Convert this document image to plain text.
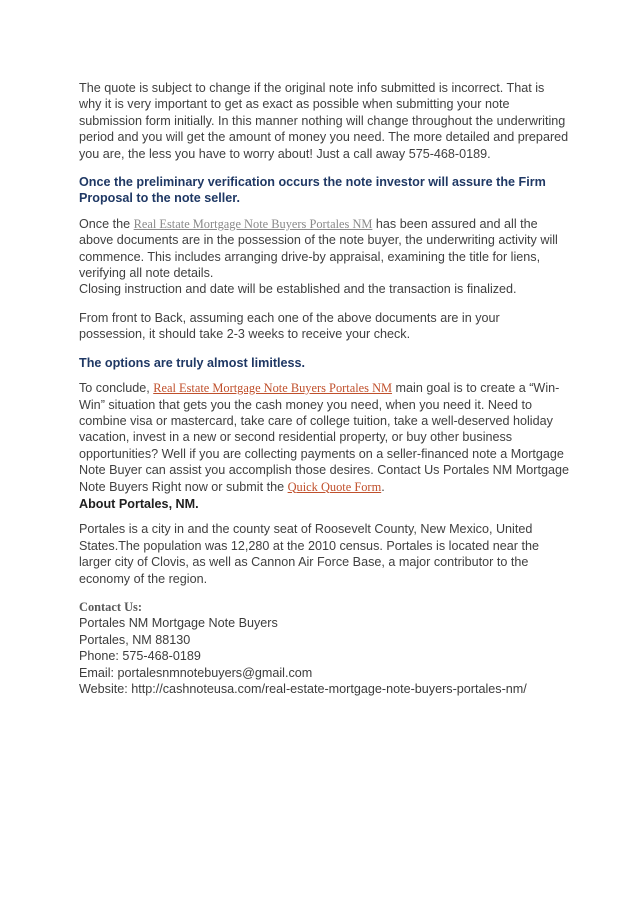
The quote is subject to change if the original note info submitted is incorrect. That is why it is very important to get as exact as possible when submitting your note submission form initially. In this manner nothing will change throughout the underwriting period and you will get the amount of money you need. The more detailed and prepared you are, the less you have to worry about! Just a call away 575-468-0189.

Once the preliminary verification occurs the note investor will assure the Firm Proposal to the note seller.

Once the Real Estate Mortgage Note Buyers Portales NM has been assured and all the above documents are in the possession of the note buyer, the underwriting activity will commence. This includes arranging drive-by appraisal, examining the title for liens, verifying all note details.
Closing instruction and date will be established and the transaction is finalized.

From front to Back, assuming each one of the above documents are in your possession, it should take 2-3 weeks to receive your check.

The options are truly almost limitless.

To conclude, Real Estate Mortgage Note Buyers Portales NM main goal is to create a “Win-Win” situation that gets you the cash money you need, when you need it. Need to combine visa or mastercard, take care of college tuition, take a well-deserved holiday vacation, invest in a new or second residential property, or buy other business opportunities? Well if you are collecting payments on a seller-financed note a Mortgage Note Buyer can assist you accomplish those desires. Contact Us Portales NM Mortgage Note Buyers Right now or submit the Quick Quote Form.

About Portales, NM.

Portales is a city in and the county seat of Roosevelt County, New Mexico, United States.The population was 12,280 at the 2010 census. Portales is located near the larger city of Clovis, as well as Cannon Air Force Base, a major contributor to the economy of the region.

Contact Us:

Portales NM Mortgage Note Buyers

Portales, NM 88130

Phone: 575-468-0189

Email: portalesnmnotebuyers@gmail.com

Website: http://cashnoteusa.com/real-estate-mortgage-note-buyers-portales-nm/
